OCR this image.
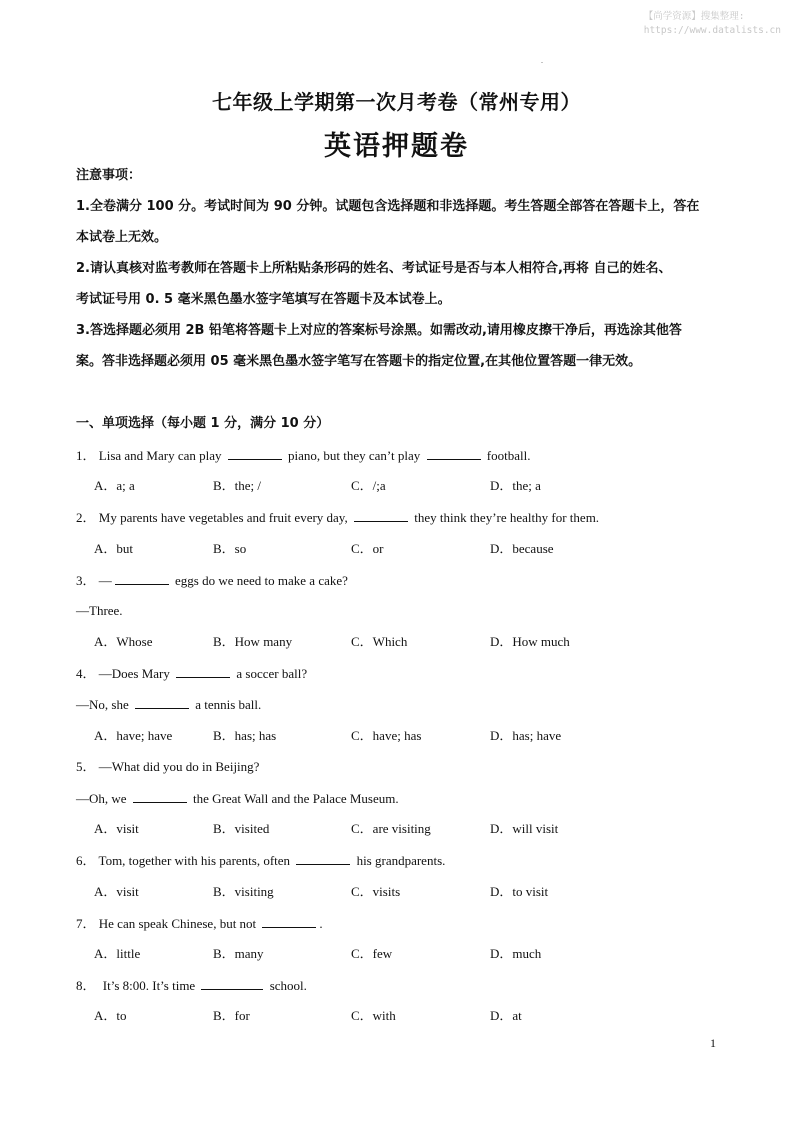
【尚学资源】搜集整理:
https://www.datalists.cn
.
七年级上学期第一次月考卷（常州专用）
英语押题卷

注意事项：

1.全卷满分 100 分。考试时间为 90 分钟。试题包含选择题和非选择题。考生答题全部答在答题卡上，答在

本试卷上无效。

2.请认真核对监考教师在答题卡上所粘贴条形码的姓名、考试证号是否与本人相符合,再将 自己的姓名、

考试证号用 0. 5 毫米黑色墨水签字笔填写在答题卡及本试卷上。

3.答选择题必须用 2B 铅笔将答题卡上对应的答案标号涂黑。如需改动,请用橡皮擦干净后，再选涂其他答

案。答非选择题必须用 05 毫米黑色墨水签字笔写在答题卡的指定位置,在其他位置答题一律无效。

一、单项选择（每小题 1 分，满分 10 分）
1． Lisa and Mary can play	piano, but they can’t play	football.
A．a; a	B．the; /	C．/;a	D．the; a
2． My parents have vegetables and fruit every day,	they think they’re healthy for them.
A．but	B．so	C．or	D．because
3． —	eggs do we need to make a cake?
—Three.
A．Whose	B．How many	C．Which	D．How much
4． —Does Mary	a soccer ball?
—No, she	a tennis ball.
A．have; have	B．has; has	C．have; has	D．has; have
5． —What did you do in Beijing?
—Oh, we	the Great Wall and the Palace Museum.
A．visit	B．visited	C．are visiting	D．will visit
6． Tom, together with his parents, often	his grandparents.
A．visit	B．visiting	C．visits	D．to visit
7． He can speak Chinese, but not	.
A．little	B．many	C．few	D．much
8． It’s 8:00. It’s time	school.
A．to	B．for	C．with	D．at
1
